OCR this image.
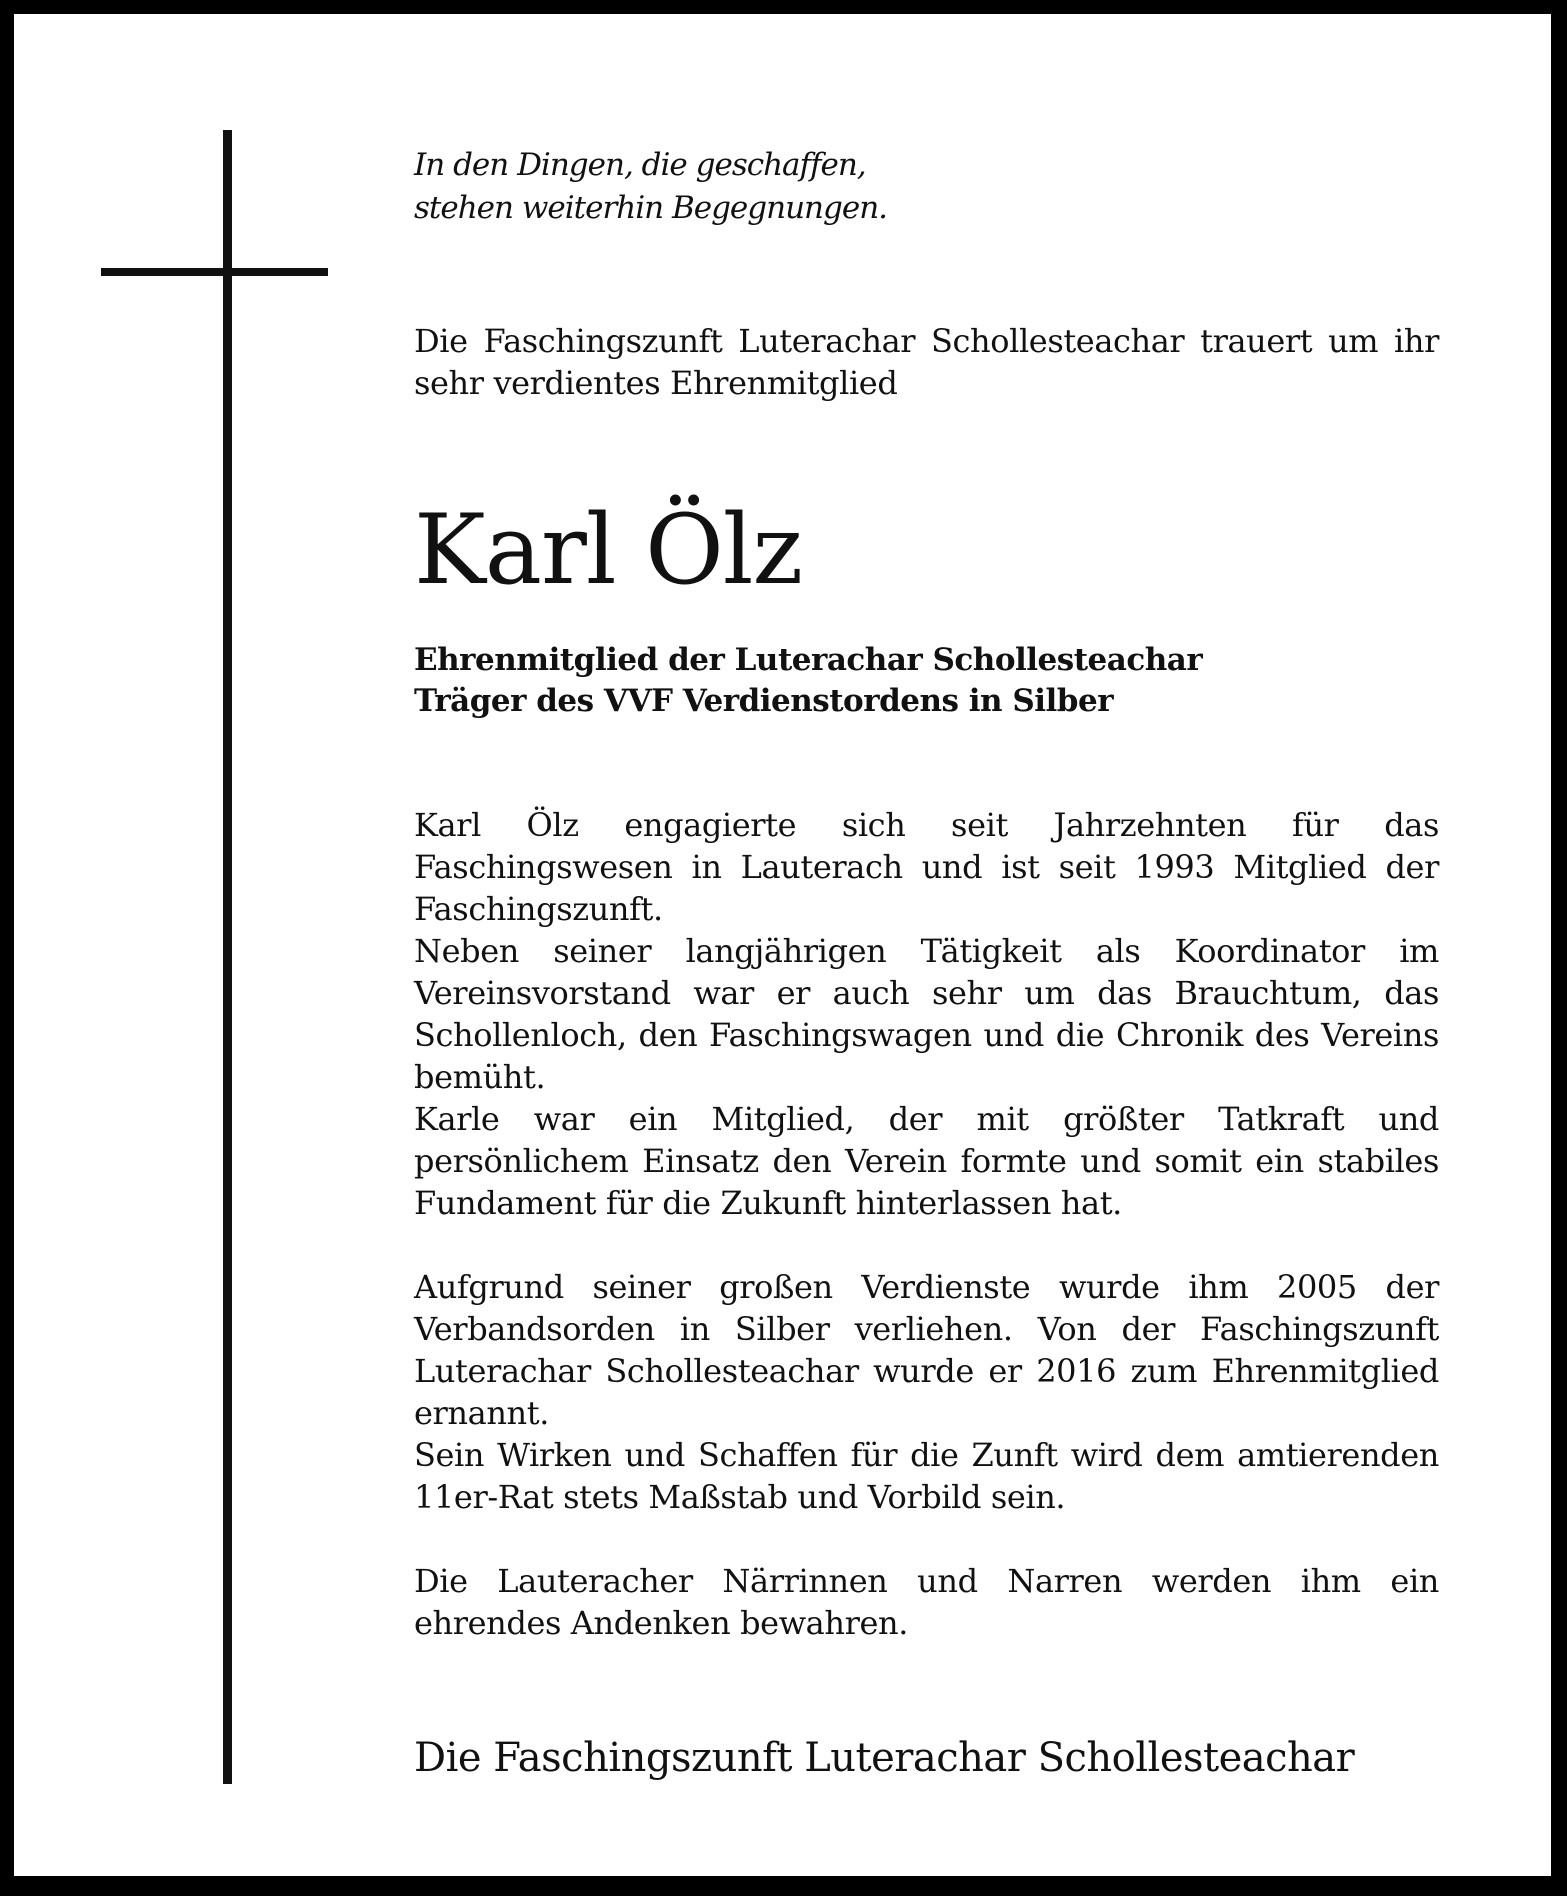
In den Dingen, die geschaffen,
stehen weiterhin Begegnungen.
Die Faschingszunft Luterachar Schollesteachar trauert um ihr sehr verdientes Ehrenmitglied
Karl Ölz
Ehrenmitglied der Luterachar Schollesteachar
Träger des VVF Verdienstordens in Silber

Karl Ölz engagierte sich seit Jahrzehnten für das Faschingswesen in Lauterach und ist seit 1993 Mitglied der Faschingszunft.

Neben seiner langjährigen Tätigkeit als Koordinator im Vereinsvorstand war er auch sehr um das Brauchtum, das Schollenloch, den Faschingswagen und die Chronik des Vereins bemüht.

Karle war ein Mitglied, der mit größter Tatkraft und persönlichem Einsatz den Verein formte und somit ein stabiles Fundament für die Zukunft hinterlassen hat.

Aufgrund seiner großen Verdienste wurde ihm 2005 der Verbandsorden in Silber verliehen. Von der Faschingszunft Luterachar Schollesteachar wurde er 2016 zum Ehrenmitglied ernannt.

Sein Wirken und Schaffen für die Zunft wird dem amtierenden 11er-Rat stets Maßstab und Vorbild sein.

Die Lauteracher Närrinnen und Narren werden ihm ein ehrendes Andenken bewahren.

Die Faschingszunft Luterachar Schollesteachar
